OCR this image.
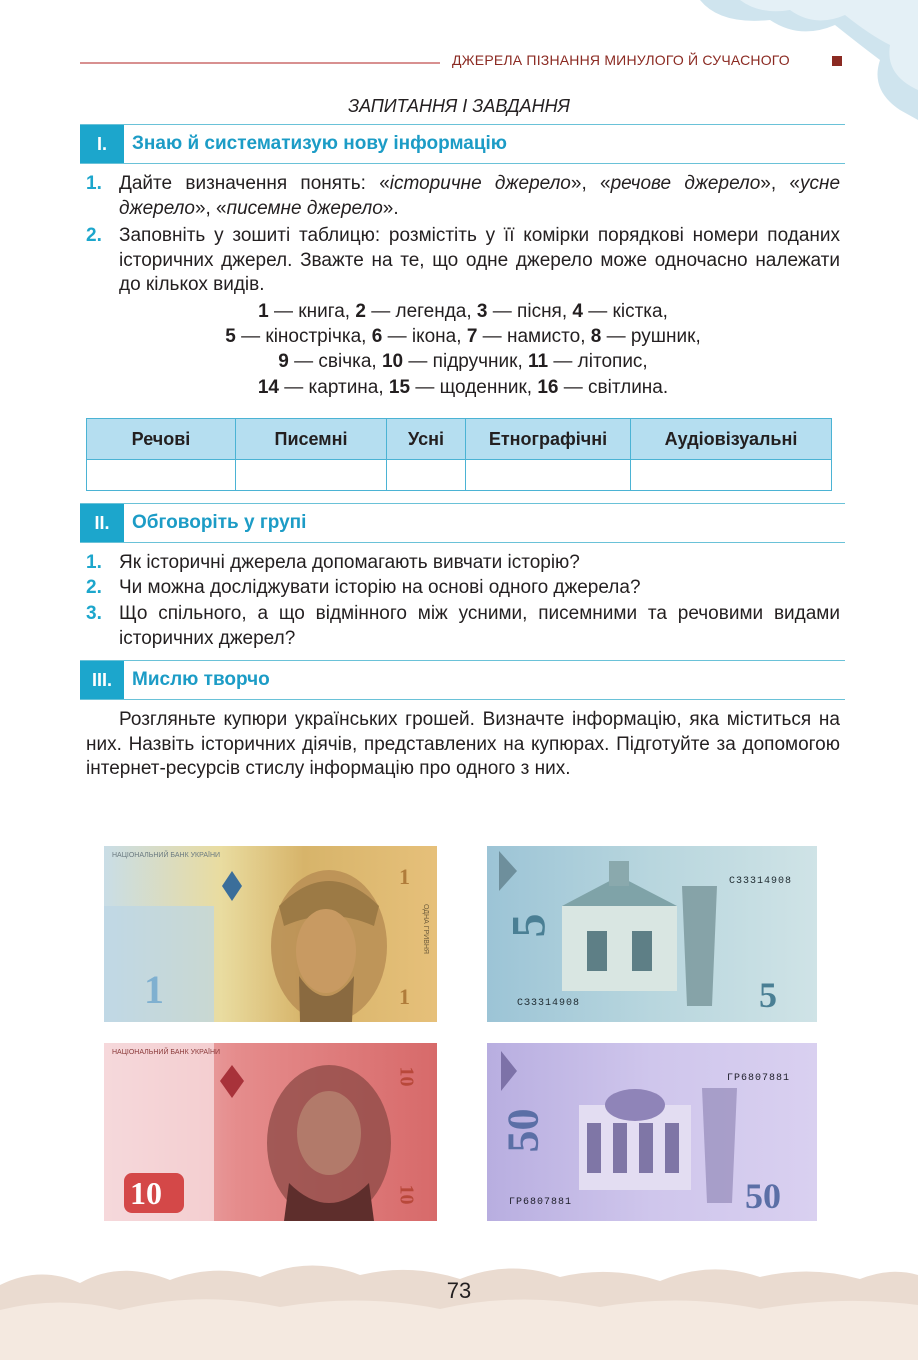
ДЖЕРЕЛА ПІЗНАННЯ МИНУЛОГО Й СУЧАСНОГО
ЗАПИТАННЯ І ЗАВДАННЯ
I.	Знаю й систематизую нову інформацію
1. Дайте визначення понять: «історичне джерело», «речове джерело», «усне джерело», «писемне джерело».
2. Заповніть у зошиті таблицю: розмістіть у її комірки порядкові номери поданих історичних джерел. Зважте на те, що одне джерело може одночасно належати до кількох видів.
1 — книга, 2 — легенда, 3 — пісня, 4 — кістка,
5 — кінострічка, 6 — ікона, 7 — намисто, 8 — рушник,
9 — свічка, 10 — підручник, 11 — літопис,
14 — картина, 15 — щоденник, 16 — світлина.
Речові	Писемні	Усні	Етнографічні	Аудіовізуальні

II.	Обговоріть у групі
1. Як історичні джерела допомагають вивчати історію?
2. Чи можна досліджувати історію на основі одного джерела?
3. Що спільного, а що відмінного між усними, писемними та речовими видами історичних джерел?
III.	Мислю творчо
Розгляньте купюри українських грошей. Визначте інформацію, яка міститься на них. Назвіть історичних діячів, представлених на купюрах. Підготуйте за допомогою інтернет-ресурсів стислу інформацію про одного з них.
НАЦІОНАЛЬНИЙ БАНК УКРАЇНИ
1
1
1
ОДНА ГРИВНЯ
С33314908
СЗ3314908
5
5
НАЦІОНАЛЬНИЙ БАНК УКРАЇНИ
10
10
10
ГР6807881
ГР6807881
50
50
73
